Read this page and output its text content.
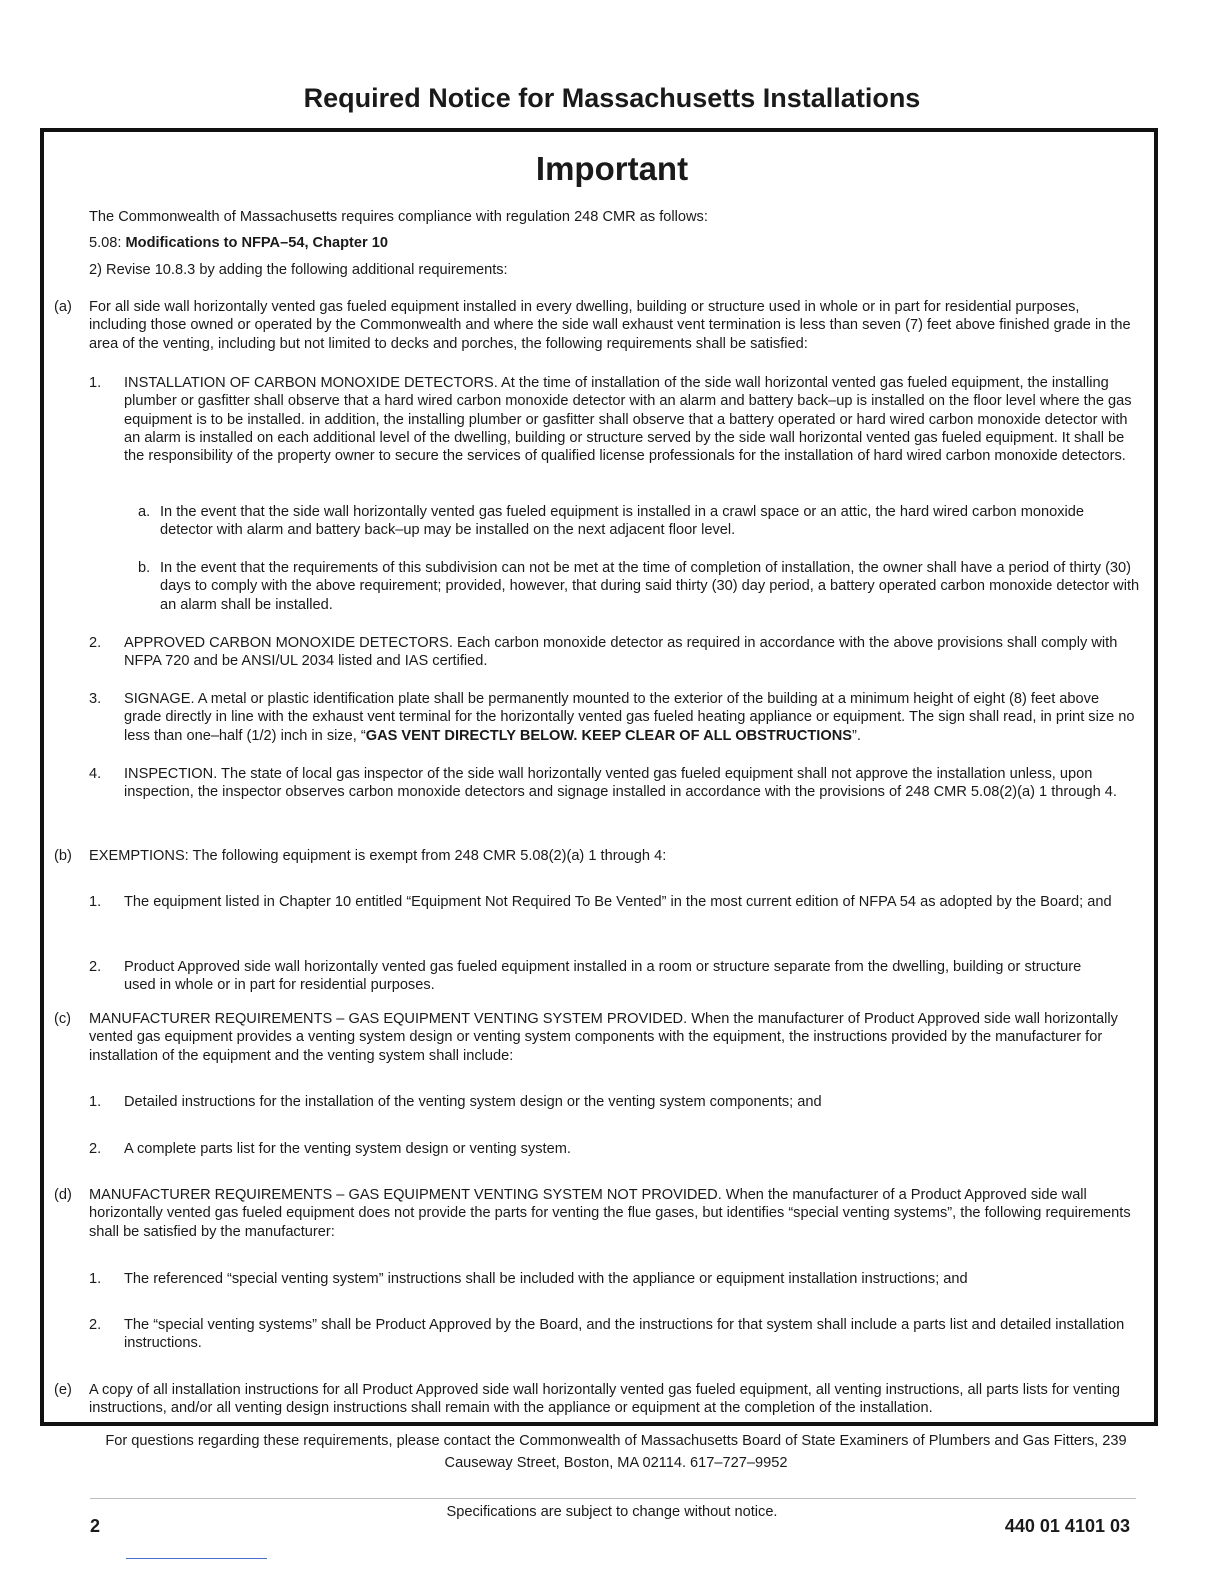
Required Notice for Massachusetts Installations
Important

The Commonwealth of Massachusetts requires compliance with regulation 248 CMR as follows:

5.08: Modifications to NFPA–54, Chapter 10

2) Revise 10.8.3 by adding the following additional requirements:

(a) For all side wall horizontally vented gas fueled equipment installed in every dwelling, building or structure used in whole or in part for residential purposes, including those owned or operated by the Commonwealth and where the side wall exhaust vent termination is less than seven (7) feet above finished grade in the area of the venting, including but not limited to decks and porches, the following requirements shall be satisfied:

1. INSTALLATION OF CARBON MONOXIDE DETECTORS. At the time of installation of the side wall horizontal vented gas fueled equipment, the installing plumber or gasfitter shall observe that a hard wired carbon monoxide detector with an alarm and battery back–up is installed on the floor level where the gas equipment is to be installed. in addition, the installing plumber or gasfitter shall observe that a battery operated or hard wired carbon monoxide detector with an alarm is installed on each additional level of the dwelling, building or structure served by the side wall horizontal vented gas fueled equipment. It shall be the responsibility of the property owner to secure the services of qualified license professionals for the installation of hard wired carbon monoxide detectors.

a. In the event that the side wall horizontally vented gas fueled equipment is installed in a crawl space or an attic, the hard wired carbon monoxide detector with alarm and battery back–up may be installed on the next adjacent floor level.

b. In the event that the requirements of this subdivision can not be met at the time of completion of installation, the owner shall have a period of thirty (30) days to comply with the above requirement; provided, however, that during said thirty (30) day period, a battery operated carbon monoxide detector with an alarm shall be installed.

2. APPROVED CARBON MONOXIDE DETECTORS. Each carbon monoxide detector as required in accordance with the above provisions shall comply with NFPA 720 and be ANSI/UL 2034 listed and IAS certified.

3. SIGNAGE. A metal or plastic identification plate shall be permanently mounted to the exterior of the building at a minimum height of eight (8) feet above grade directly in line with the exhaust vent terminal for the horizontally vented gas fueled heating appliance or equipment. The sign shall read, in print size no less than one–half (1/2) inch in size, “GAS VENT DIRECTLY BELOW. KEEP CLEAR OF ALL OBSTRUCTIONS”.

4. INSPECTION. The state of local gas inspector of the side wall horizontally vented gas fueled equipment shall not approve the installation unless, upon inspection, the inspector observes carbon monoxide detectors and signage installed in accordance with the provisions of 248 CMR 5.08(2)(a) 1 through 4.

(b) EXEMPTIONS: The following equipment is exempt from 248 CMR 5.08(2)(a) 1 through 4:

1. The equipment listed in Chapter 10 entitled “Equipment Not Required To Be Vented” in the most current edition of NFPA 54 as adopted by the Board; and

2. Product Approved side wall horizontally vented gas fueled equipment installed in a room or structure separate from the dwelling, building or structure used in whole or in part for residential purposes.

(c) MANUFACTURER REQUIREMENTS – GAS EQUIPMENT VENTING SYSTEM PROVIDED. When the manufacturer of Product Approved side wall horizontally vented gas equipment provides a venting system design or venting system components with the equipment, the instructions provided by the manufacturer for installation of the equipment and the venting system shall include:

1. Detailed instructions for the installation of the venting system design or the venting system components; and

2. A complete parts list for the venting system design or venting system.

(d) MANUFACTURER REQUIREMENTS – GAS EQUIPMENT VENTING SYSTEM NOT PROVIDED. When the manufacturer of a Product Approved side wall horizontally vented gas fueled equipment does not provide the parts for venting the flue gases, but identifies “special venting systems”, the following requirements shall be satisfied by the manufacturer:

1. The referenced “special venting system” instructions shall be included with the appliance or equipment installation instructions; and

2. The “special venting systems” shall be Product Approved by the Board, and the instructions for that system shall include a parts list and detailed installation instructions.

(e) A copy of all installation instructions for all Product Approved side wall horizontally vented gas fueled equipment, all venting instructions, all parts lists for venting instructions, and/or all venting design instructions shall remain with the appliance or equipment at the completion of the installation.

For questions regarding these requirements, please contact the Commonwealth of Massachusetts Board of State Examiners of Plumbers and Gas Fitters, 239 Causeway Street, Boston, MA 02114. 617–727–9952
Specifications are subject to change without notice.
2	440 01 4101 03
